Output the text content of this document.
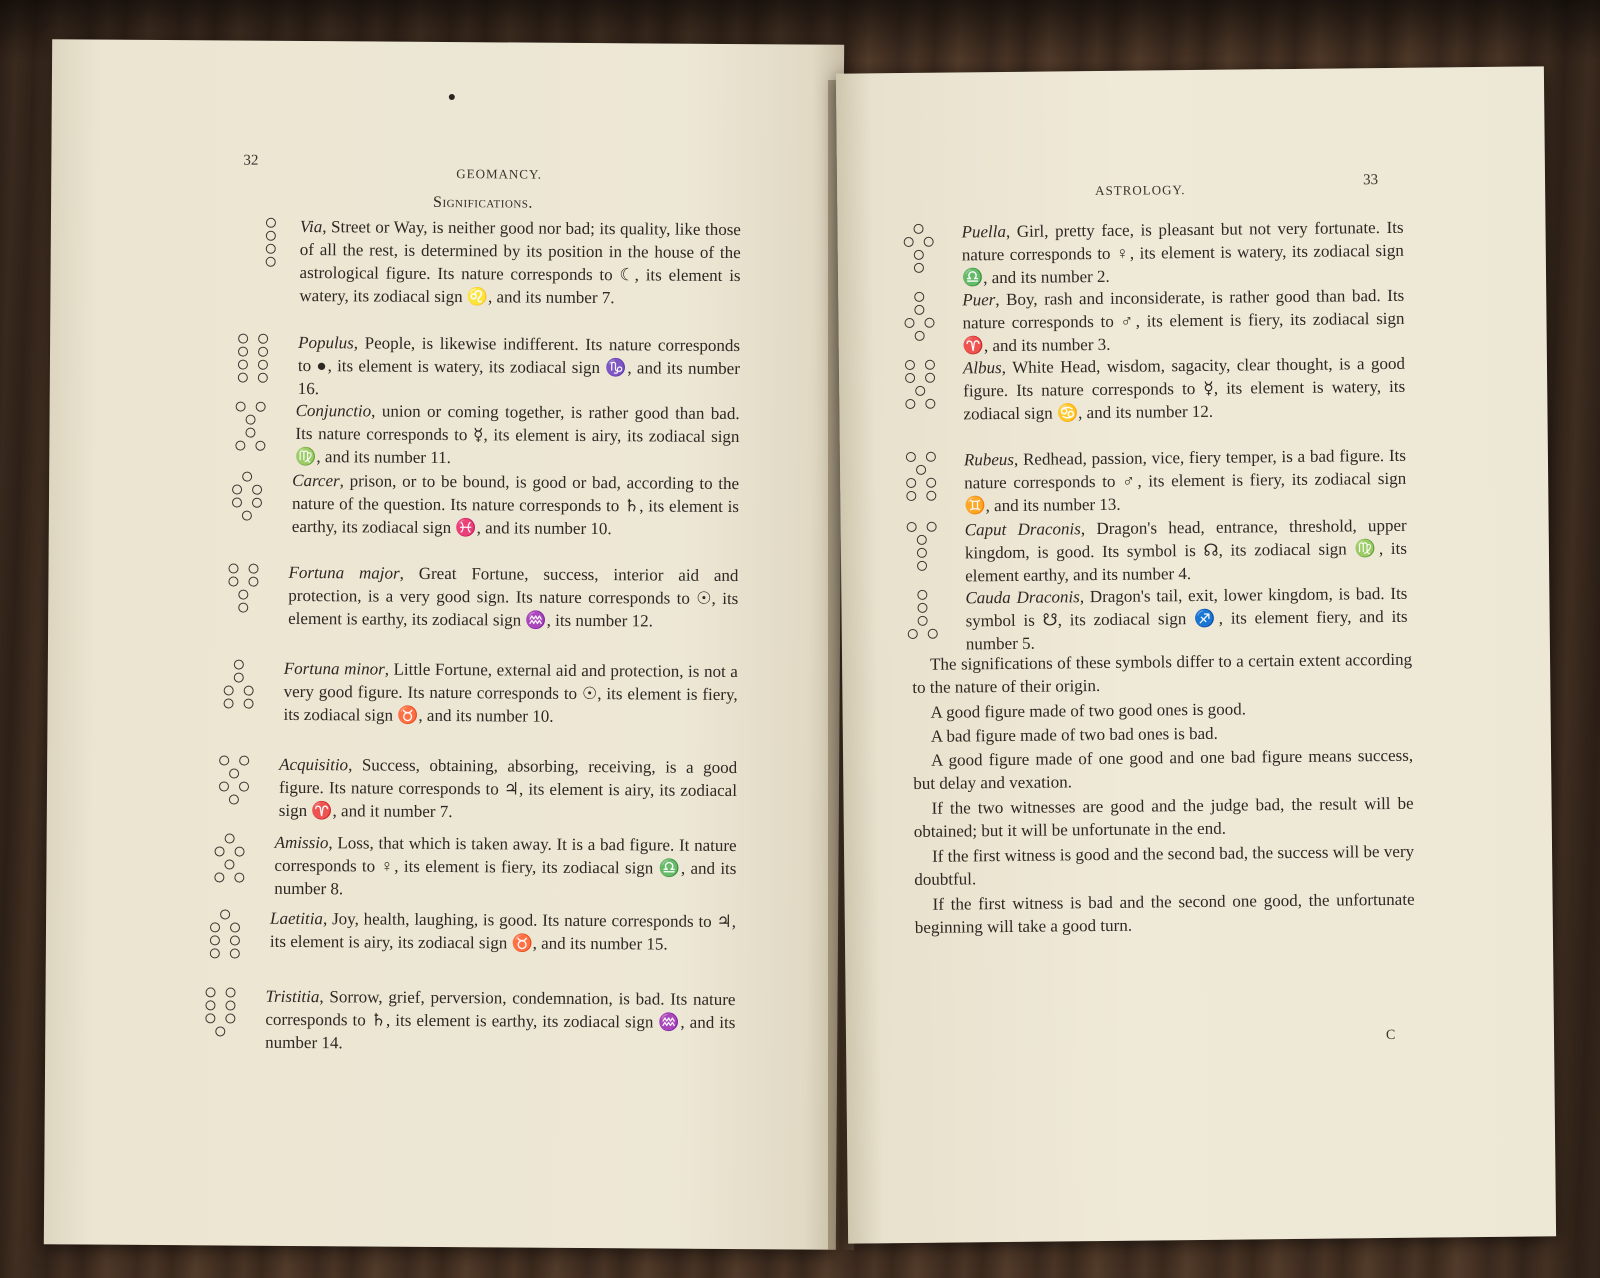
32
GEOMANCY.
Significations.
Via, Street or Way, is neither good nor bad; its quality, like those of all the rest, is determined by its position in the house of the astrological figure. Its nature corresponds to ☾, its element is watery, its zodiacal sign ♌, and its number 7.
Populus, People, is likewise indifferent. Its nature corresponds to ●, its element is watery, its zodiacal sign ♑, and its number 16.
Conjunctio, union or coming together, is rather good than bad. Its nature corresponds to ☿, its element is airy, its zodiacal sign ♍, and its number 11.
Carcer, prison, or to be bound, is good or bad, according to the nature of the question. Its nature corresponds to ♄, its element is earthy, its zodiacal sign ♓, and its number 10.
Fortuna major, Great Fortune, success, interior aid and protection, is a very good sign. Its nature corresponds to ☉, its element is earthy, its zodiacal sign ♒, its number 12.
Fortuna minor, Little Fortune, external aid and protection, is not a very good figure. Its nature corresponds to ☉, its element is fiery, its zodiacal sign ♉, and its number 10.
Acquisitio, Success, obtaining, absorbing, receiving, is a good figure. Its nature corresponds to ♃, its element is airy, its zodiacal sign ♈, and it number 7.
Amissio, Loss, that which is taken away. It is a bad figure. It nature corresponds to ♀, its element is fiery, its zodiacal sign ♎, and its number 8.
Laetitia, Joy, health, laughing, is good. Its nature corresponds to ♃, its element is airy, its zodiacal sign ♉, and its number 15.
Tristitia, Sorrow, grief, perversion, condemnation, is bad. Its nature corresponds to ♄, its element is earthy, its zodiacal sign ♒, and its number 14.
ASTROLOGY.
33
Puella, Girl, pretty face, is pleasant but not very fortunate. Its nature corresponds to ♀, its element is watery, its zodiacal sign ♎, and its number 2.
Puer, Boy, rash and inconsiderate, is rather good than bad. Its nature corresponds to ♂, its element is fiery, its zodiacal sign ♈, and its number 3.
Albus, White Head, wisdom, sagacity, clear thought, is a good figure. Its nature corresponds to ☿, its element is watery, its zodiacal sign ♋, and its number 12.
Rubeus, Redhead, passion, vice, fiery temper, is a bad figure. Its nature corresponds to ♂, its element is fiery, its zodiacal sign ♊, and its number 13.
Caput Draconis, Dragon's head, entrance, threshold, upper kingdom, is good. Its symbol is ☊, its zodiacal sign ♍, its element earthy, and its number 4.
Cauda Draconis, Dragon's tail, exit, lower kingdom, is bad. Its symbol is ☋, its zodiacal sign ♐, its element fiery, and its number 5.
The significations of these symbols differ to a certain extent according to the nature of their origin.
A good figure made of two good ones is good.
A bad figure made of two bad ones is bad.
A good figure made of one good and one bad figure means success, but delay and vexation.
If the two witnesses are good and the judge bad, the result will be obtained; but it will be unfortunate in the end.
If the first witness is good and the second bad, the success will be very doubtful.
If the first witness is bad and the second one good, the unfortunate beginning will take a good turn.
C
